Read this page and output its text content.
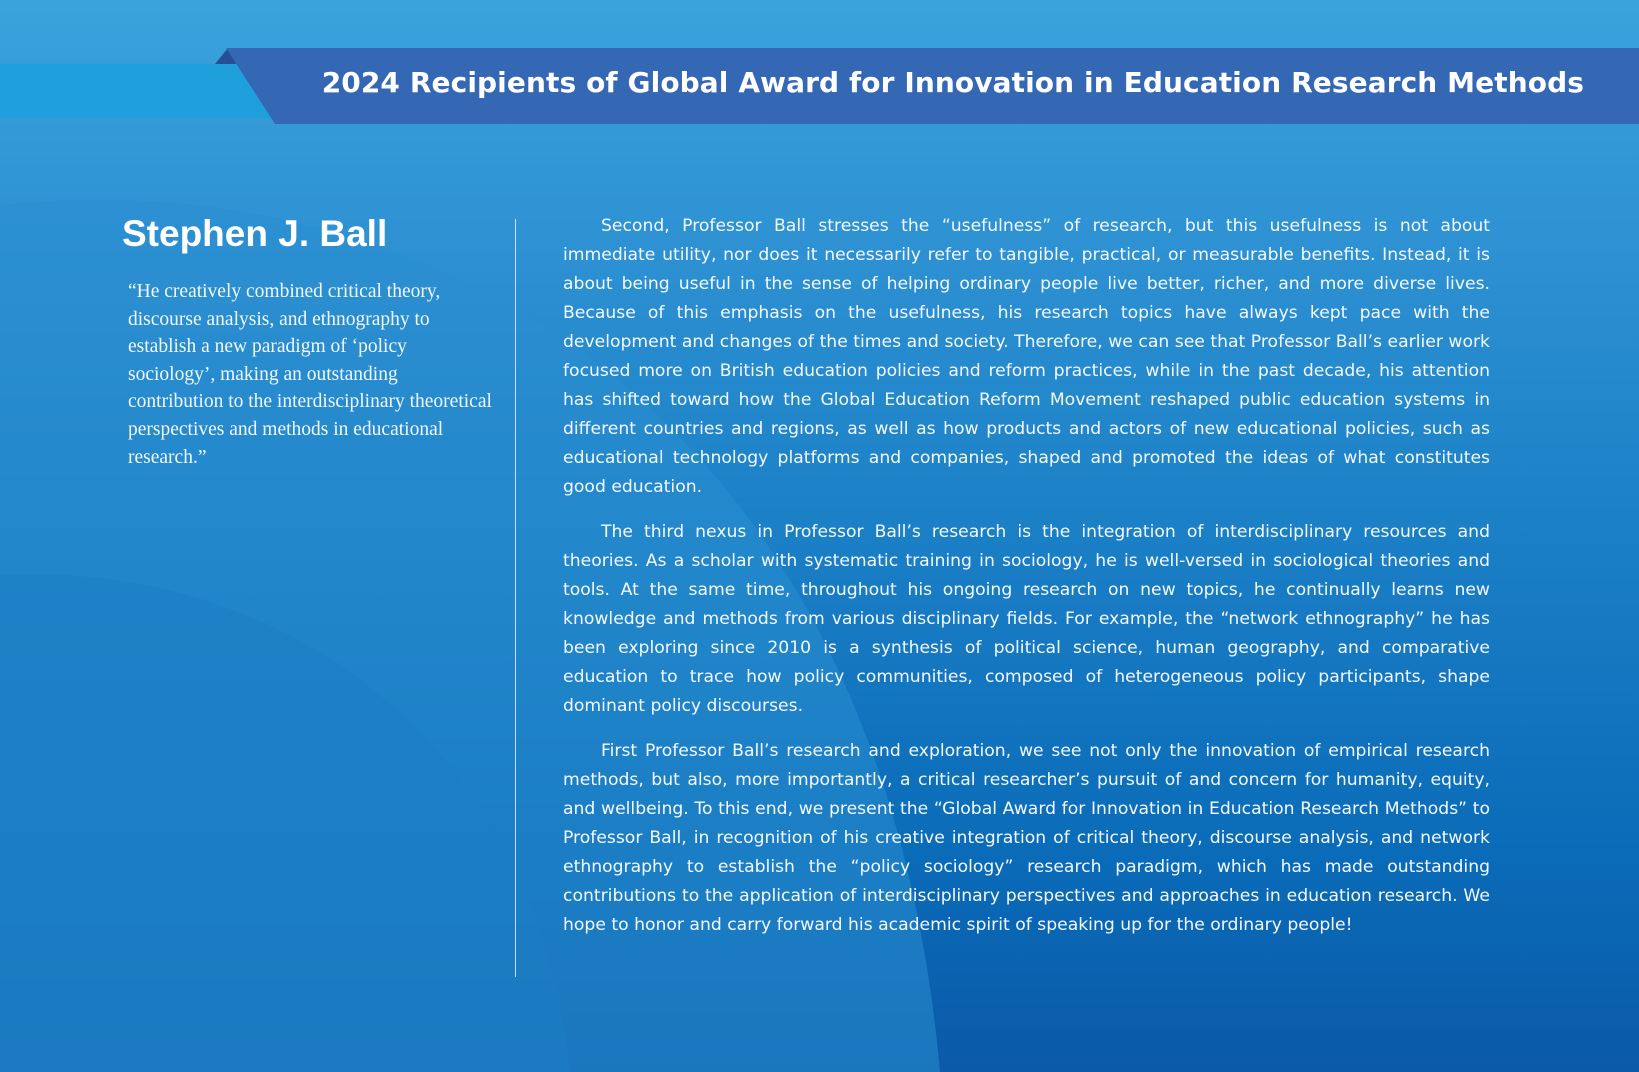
2024 Recipients of Global Award for Innovation in Education Research Methods
Stephen J. Ball

“He creatively combined critical theory, discourse analysis, and ethnography to establish a new paradigm of ‘policy sociology’, making an outstanding contribution to the interdisciplinary theoretical perspectives and methods in educational research.”

Second, Professor Ball stresses the “usefulness” of research, but this usefulness is not about immediate utility, nor does it necessarily refer to tangible, practical, or measurable benefits. Instead, it is about being useful in the sense of helping ordinary people live better, richer, and more diverse lives. Because of this emphasis on the usefulness, his research topics have always kept pace with the development and changes of the times and society. Therefore, we can see that Professor Ball’s earlier work focused more on British education policies and reform practices, while in the past decade, his attention has shifted toward how the Global Education Reform Movement reshaped public education systems in different countries and regions, as well as how products and actors of new educational policies, such as educational technology platforms and companies, shaped and promoted the ideas of what constitutes good education.

The third nexus in Professor Ball’s research is the integration of interdisciplinary resources and theories. As a scholar with systematic training in sociology, he is well-versed in sociological theories and tools. At the same time, throughout his ongoing research on new topics, he continually learns new knowledge and methods from various disciplinary fields. For example, the “network ethnography” he has been exploring since 2010 is a synthesis of political science, human geography, and comparative education to trace how policy communities, composed of heterogeneous policy participants, shape dominant policy discourses.

First Professor Ball’s research and exploration, we see not only the innovation of empirical research methods, but also, more importantly, a critical researcher’s pursuit of and concern for humanity, equity, and wellbeing. To this end, we present the “Global Award for Innovation in Education Research Methods” to Professor Ball, in recognition of his creative integration of critical theory, discourse analysis, and network ethnography to establish the “policy sociology” research paradigm, which has made outstanding contributions to the application of interdisciplinary perspectives and approaches in education research. We hope to honor and carry forward his academic spirit of speaking up for the ordinary people!
